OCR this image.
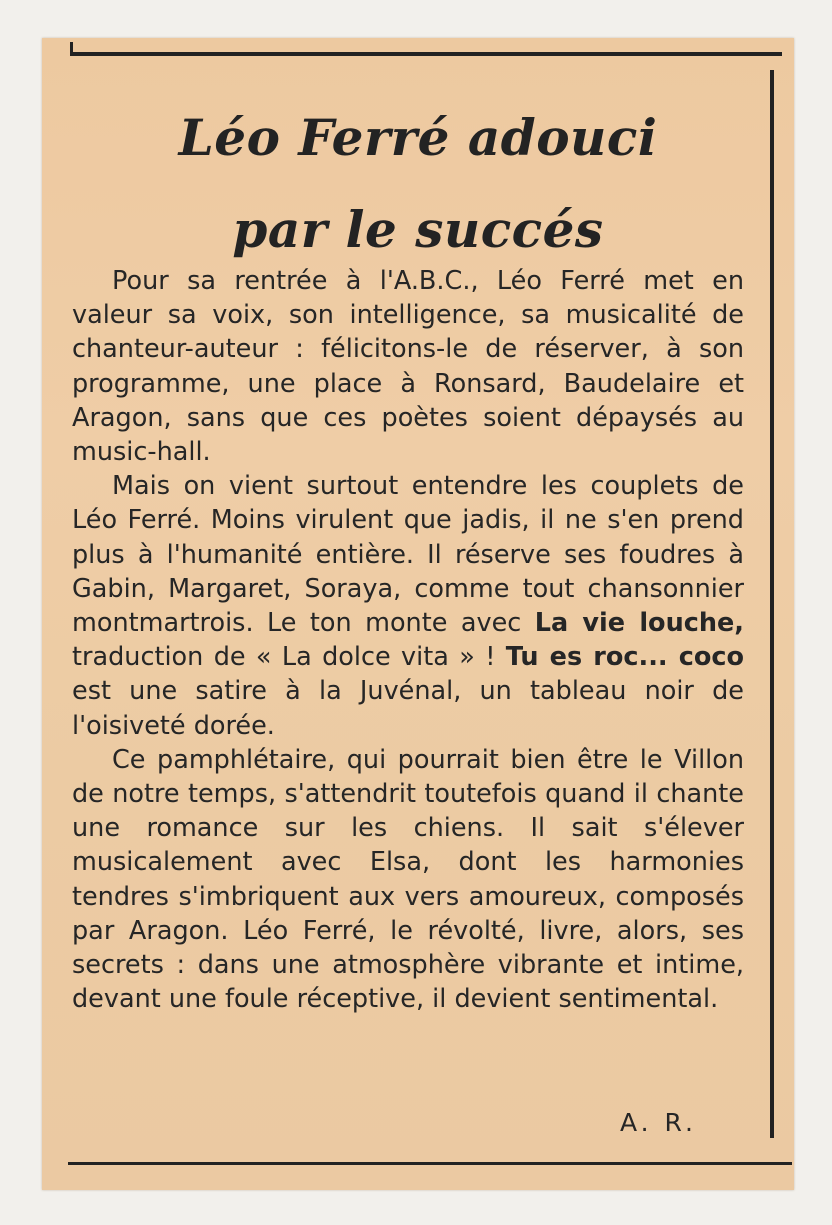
Léo Ferré adouci
par le succés

Pour sa rentrée à l'A.B.C., Léo Ferré met en valeur sa voix, son intelligence, sa musicalité de chanteur-auteur : félicitons-le de réserver, à son programme, une place à Ronsard, Baudelaire et Aragon, sans que ces poètes soient dépaysés au music-hall.

Mais on vient surtout entendre les couplets de Léo Ferré. Moins virulent que jadis, il ne s'en prend plus à l'humanité entière. Il réserve ses foudres à Gabin, Margaret, Soraya, comme tout chansonnier montmartrois. Le ton monte avec La vie louche, traduction de « La dolce vita » ! Tu es roc... coco est une satire à la Juvénal, un tableau noir de l'oisiveté dorée.

Ce pamphlétaire, qui pourrait bien être le Villon de notre temps, s'attendrit toutefois quand il chante une romance sur les chiens. Il sait s'élever musicalement avec Elsa, dont les harmonies tendres s'imbriquent aux vers amoureux, composés par Aragon. Léo Ferré, le révolté, livre, alors, ses secrets : dans une atmosphère vibrante et intime, devant une foule réceptive, il devient sentimental.

A. R.
